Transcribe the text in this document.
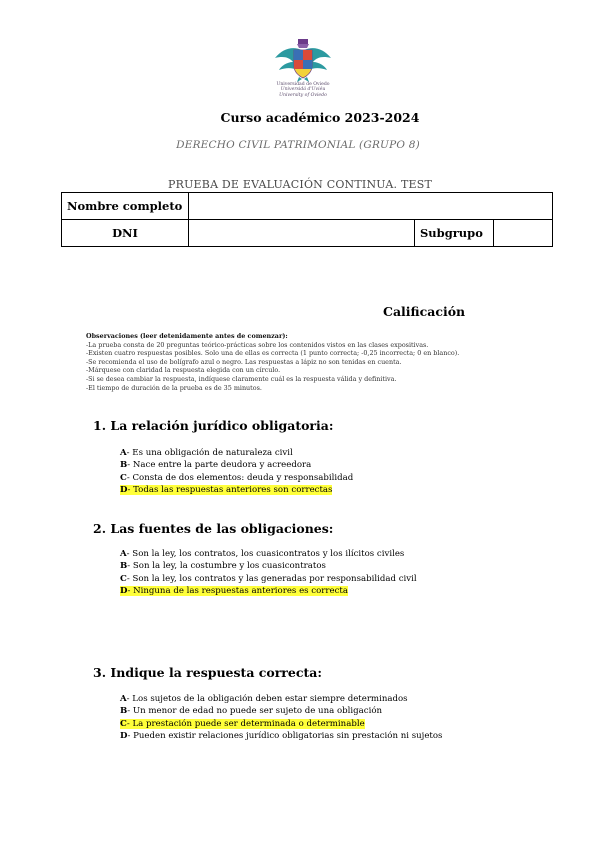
Universidad de Oviedo
Universidá d'Uviéu
University of Oviedo
Curso académico 2023-2024
DERECHO CIVIL PATRIMONIAL (GRUPO 8)
PRUEBA DE EVALUACIÓN CONTINUA. TEST
Nombre completo			
DNI		Subgrupo	
Calificación
Observaciones (leer detenidamente antes de comenzar):
-La prueba consta de 20 preguntas teórico-prácticas sobre los contenidos vistos en las clases expositivas.
-Existen cuatro respuestas posibles. Solo una de ellas es correcta (1 punto correcta; -0,25 incorrecta; 0 en blanco).
-Se recomienda el uso de bolígrafo azul o negro. Las respuestas a lápiz no son tenidas en cuenta.
-Márquese con claridad la respuesta elegida con un círculo.
-Si se desea cambiar la respuesta, indíquese claramente cuál es la respuesta válida y definitiva.
-El tiempo de duración de la prueba es de 35 minutos.
1. La relación jurídico obligatoria:
A- Es una obligación de naturaleza civil
B- Nace entre la parte deudora y acreedora
C- Consta de dos elementos: deuda y responsabilidad
D- Todas las respuestas anteriores son correctas
2. Las fuentes de las obligaciones:
A- Son la ley, los contratos, los cuasicontratos y los ilícitos civiles
B- Son la ley, la costumbre y los cuasicontratos
C- Son la ley, los contratos y las generadas por responsabilidad civil
D- Ninguna de las respuestas anteriores es correcta
3. Indique la respuesta correcta:
A- Los sujetos de la obligación deben estar siempre determinados
B- Un menor de edad no puede ser sujeto de una obligación
C- La prestación puede ser determinada o determinable
D- Pueden existir relaciones jurídico obligatorias sin prestación ni sujetos
